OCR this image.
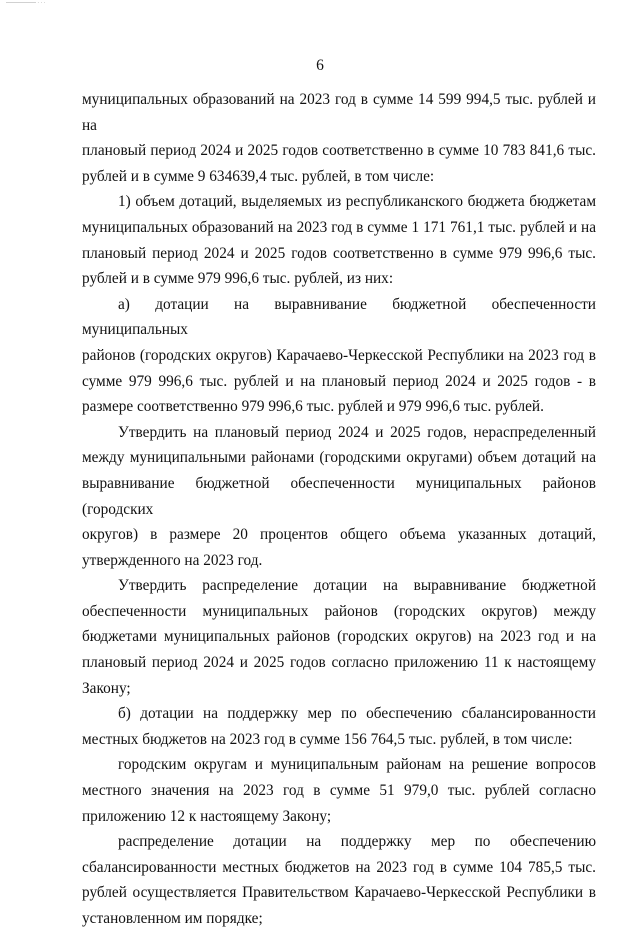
—————— · · ·
6
муниципальных образований на 2023 год в сумме 14 599 994,5 тыс. рублей и на
плановый период 2024 и 2025 годов соответственно в сумме 10 783 841,6 тыс.
рублей и в сумме 9 634639,4 тыс. рублей, в том числе:
1) объем дотаций, выделяемых из республиканского бюджета бюджетам
муниципальных образований на 2023 год в сумме 1 171 761,1 тыс. рублей и на
плановый период 2024 и 2025 годов соответственно в сумме 979 996,6 тыс.
рублей и в сумме 979 996,6 тыс. рублей, из них:
а) дотации на выравнивание бюджетной обеспеченности муниципальных
районов (городских округов) Карачаево-Черкесской Республики на 2023 год в
сумме 979 996,6 тыс. рублей и на плановый период 2024 и 2025 годов - в
размере соответственно 979 996,6 тыс. рублей и 979 996,6 тыс. рублей.
Утвердить на плановый период 2024 и 2025 годов, нераспределенный
между муниципальными районами (городскими округами) объем дотаций на
выравнивание бюджетной обеспеченности муниципальных районов (городских
округов) в размере 20 процентов общего объема указанных дотаций,
утвержденного на 2023 год.
Утвердить распределение дотации на выравнивание бюджетной
обеспеченности муниципальных районов (городских округов) между
бюджетами муниципальных районов (городских округов) на 2023 год и на
плановый период 2024 и 2025 годов согласно приложению 11 к настоящему
Закону;
б) дотации на поддержку мер по обеспечению сбалансированности
местных бюджетов на 2023 год в сумме 156 764,5 тыс. рублей, в том числе:
городским округам и муниципальным районам на решение вопросов
местного значения на 2023 год в сумме 51 979,0 тыс. рублей согласно
приложению 12 к настоящему Закону;
распределение дотации на поддержку мер по обеспечению
сбалансированности местных бюджетов на 2023 год в сумме 104 785,5 тыс.
рублей осуществляется Правительством Карачаево-Черкесской Республики в
установленном им порядке;
